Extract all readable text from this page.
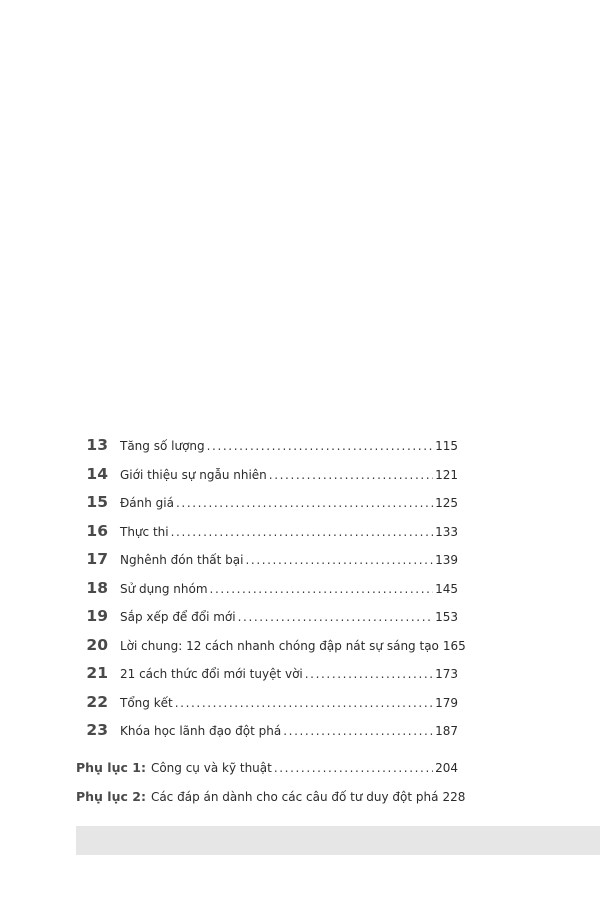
13 Tăng số lượng .....	115
14 Giới thiệu sự ngẫu nhiên .....	121
15 Đánh giá .....	125
16 Thực thi .....	133
17 Nghênh đón thất bại .....	139
18 Sử dụng nhóm .....	145
19 Sắp xếp để đổi mới .....	153
20 Lời chung: 12 cách nhanh chóng đập nát sự sáng tạo 165
21 21 cách thức đổi mới tuyệt vời .....	173
22 Tổng kết .....	179
23 Khóa học lãnh đạo đột phá .....	187
Phụ lục 1: Công cụ và kỹ thuật .....	204
Phụ lục 2: Các đáp án dành cho các câu đố tư duy đột phá 228
